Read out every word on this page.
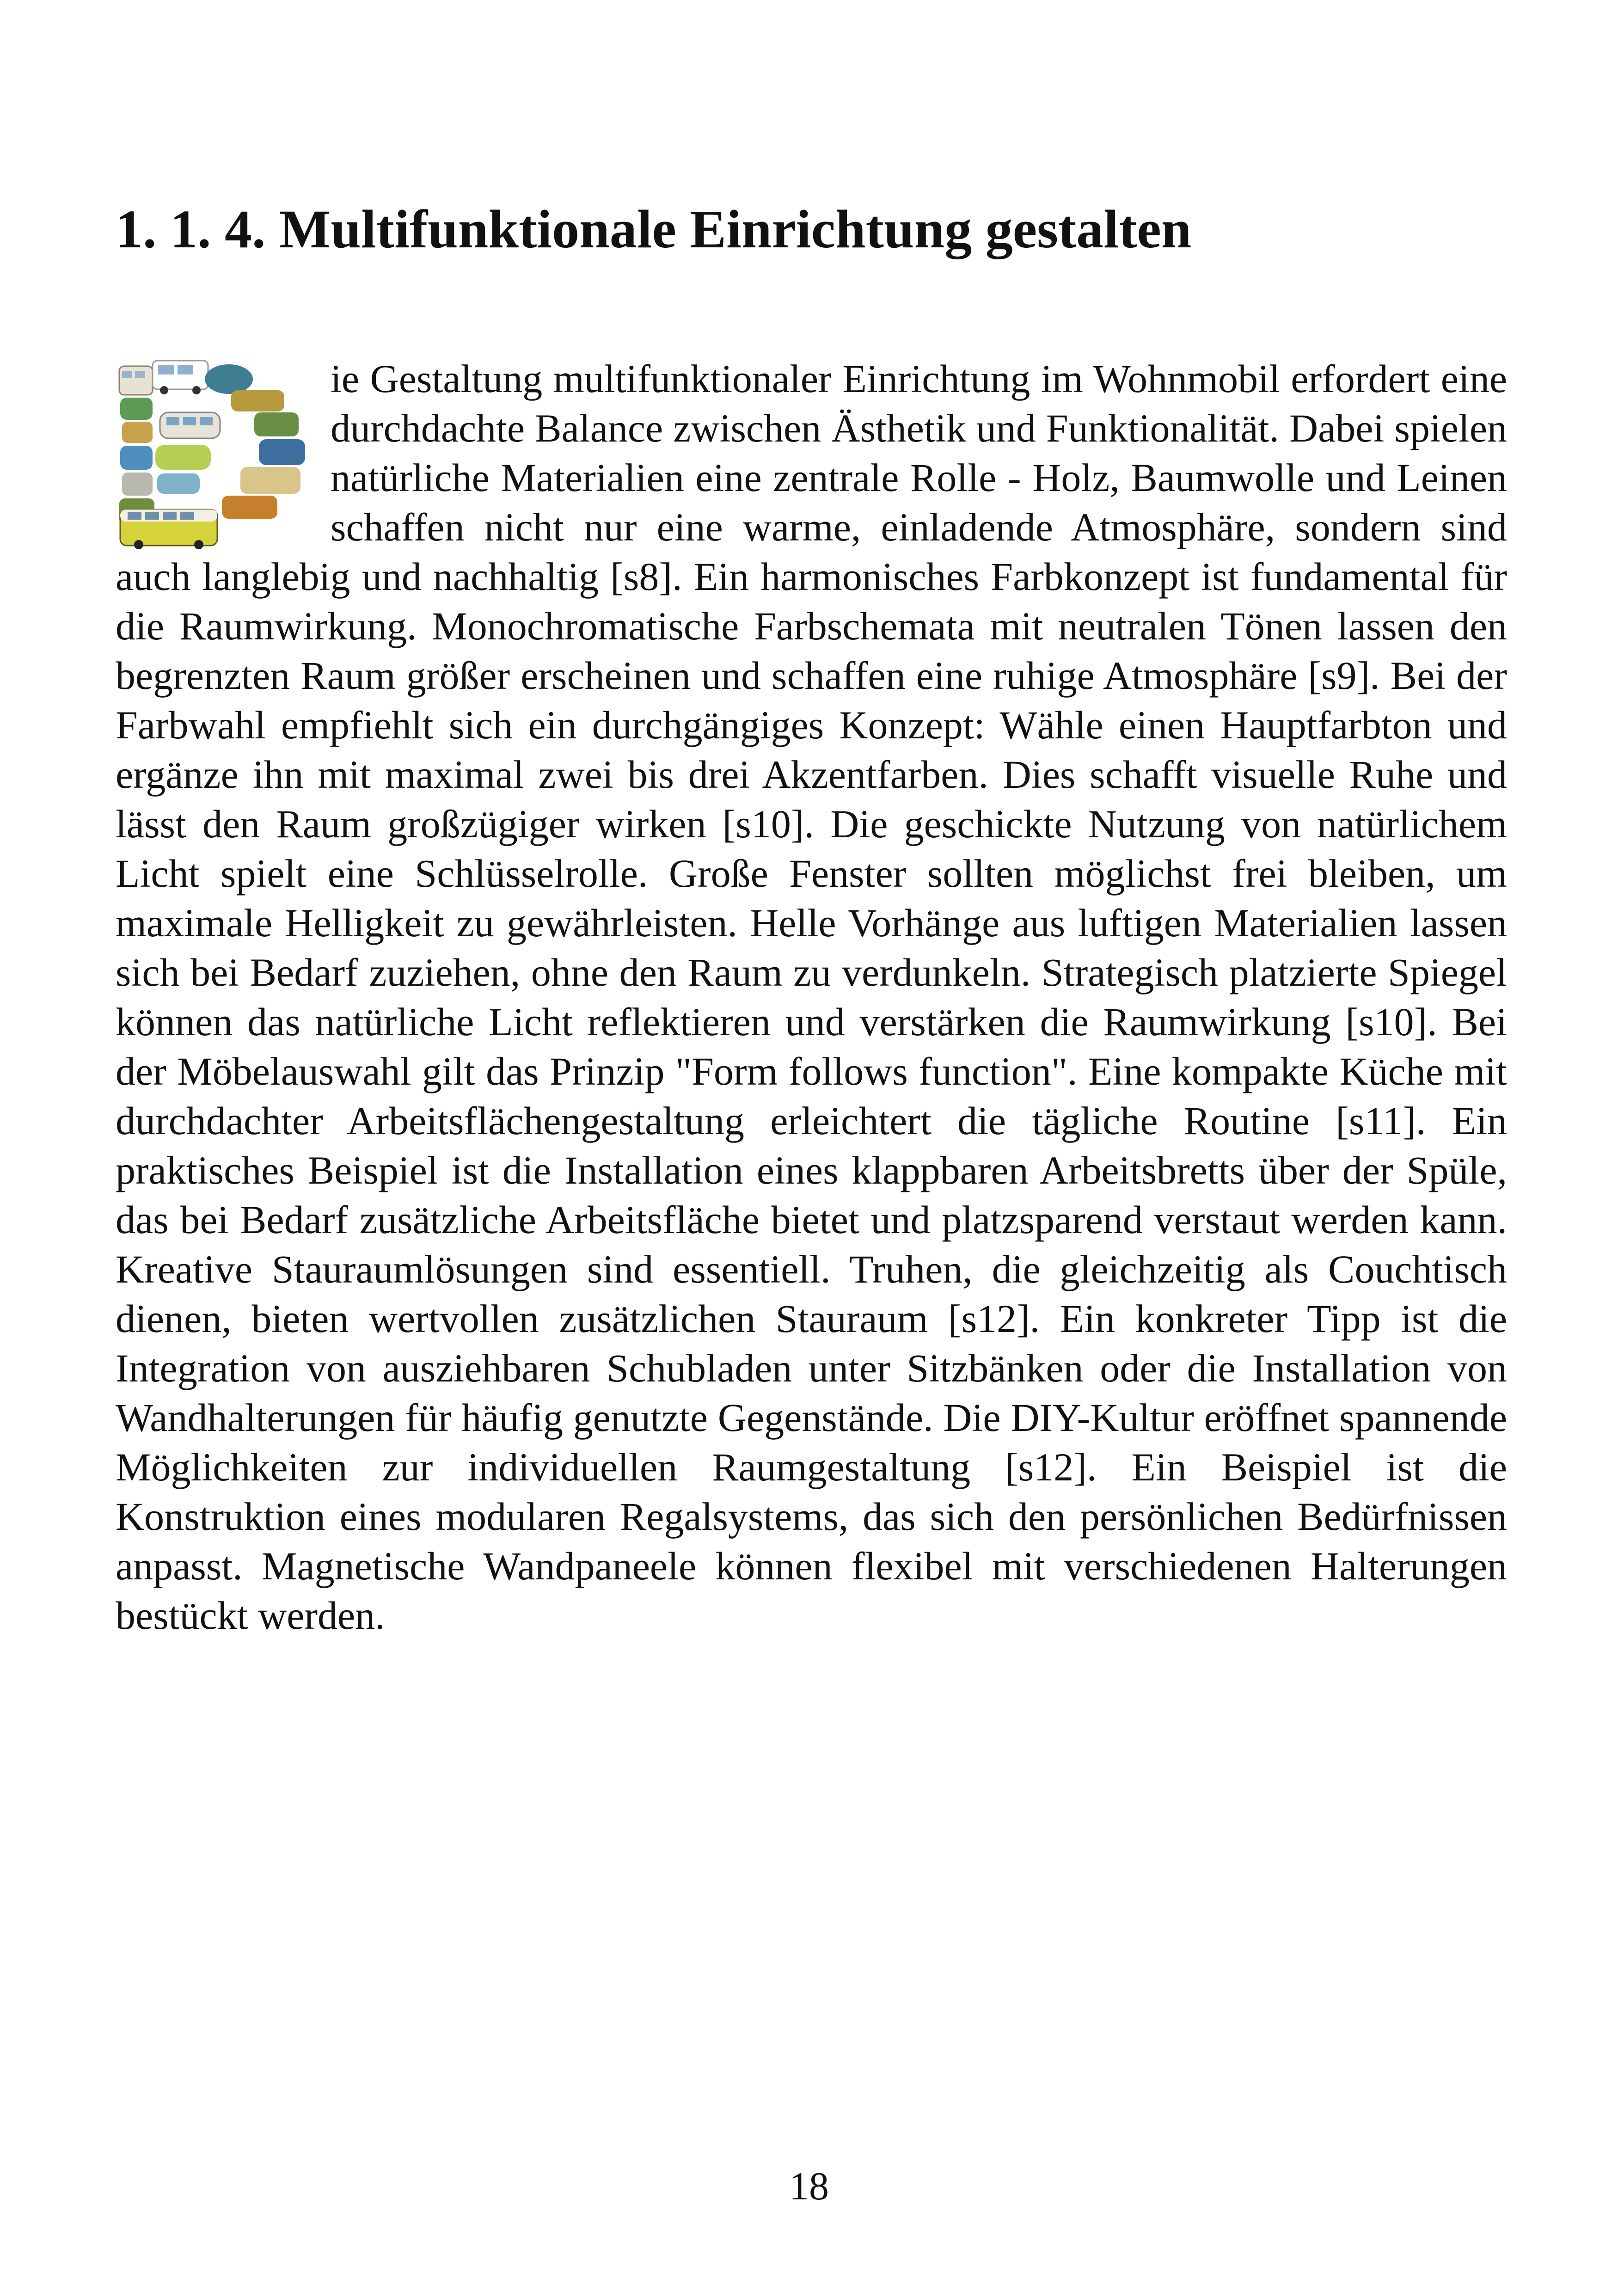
1. 1. 4. Multifunktionale Einrichtung gestalten
ie Gestaltung multifunktionaler Einrichtung im Wohnmobil erfordert eine durchdachte Balance zwischen Ästhetik und Funktionalität. Dabei spielen natürliche Materialien eine zentrale Rolle - Holz, Baumwolle und Leinen schaffen nicht nur eine warme, einladende Atmosphäre, sondern sind auch langlebig und nachhaltig [s8]. Ein harmonisches Farbkonzept ist fundamental für die Raumwirkung. Monochromatische Farbschemata mit neutralen Tönen lassen den begrenzten Raum größer erscheinen und schaffen eine ruhige Atmosphäre [s9]. Bei der Farbwahl empfiehlt sich ein durchgängiges Konzept: Wähle einen Hauptfarbton und ergänze ihn mit maximal zwei bis drei Akzentfarben. Dies schafft visuelle Ruhe und lässt den Raum großzügiger wirken [s10]. Die geschickte Nutzung von natürlichem Licht spielt eine Schlüsselrolle. Große Fenster sollten möglichst frei bleiben, um maximale Helligkeit zu gewährleisten. Helle Vorhänge aus luftigen Materialien lassen sich bei Bedarf zuziehen, ohne den Raum zu verdunkeln. Strategisch platzierte Spiegel können das natürliche Licht reflektieren und verstärken die Raumwirkung [s10]. Bei der Möbelauswahl gilt das Prinzip "Form follows function". Eine kompakte Küche mit durchdachter Arbeitsflächengestaltung erleichtert die tägliche Routine [s11]. Ein praktisches Beispiel ist die Installation eines klappbaren Arbeitsbretts über der Spüle, das bei Bedarf zusätzliche Arbeitsfläche bietet und platzsparend verstaut werden kann. Kreative Stauraumlösungen sind essentiell. Truhen, die gleichzeitig als Couchtisch dienen, bieten wertvollen zusätzlichen Stauraum [s12]. Ein konkreter Tipp ist die Integration von ausziehbaren Schubladen unter Sitzbänken oder die Installation von Wandhalterungen für häufig genutzte Gegenstände. Die DIY-Kultur eröffnet spannende Möglichkeiten zur individuellen Raumgestaltung [s12]. Ein Beispiel ist die Konstruktion eines modularen Regalsystems, das sich den persönlichen Bedürfnissen anpasst. Magnetische Wandpaneele können flexibel mit verschiedenen Halterungen bestückt werden.
18
